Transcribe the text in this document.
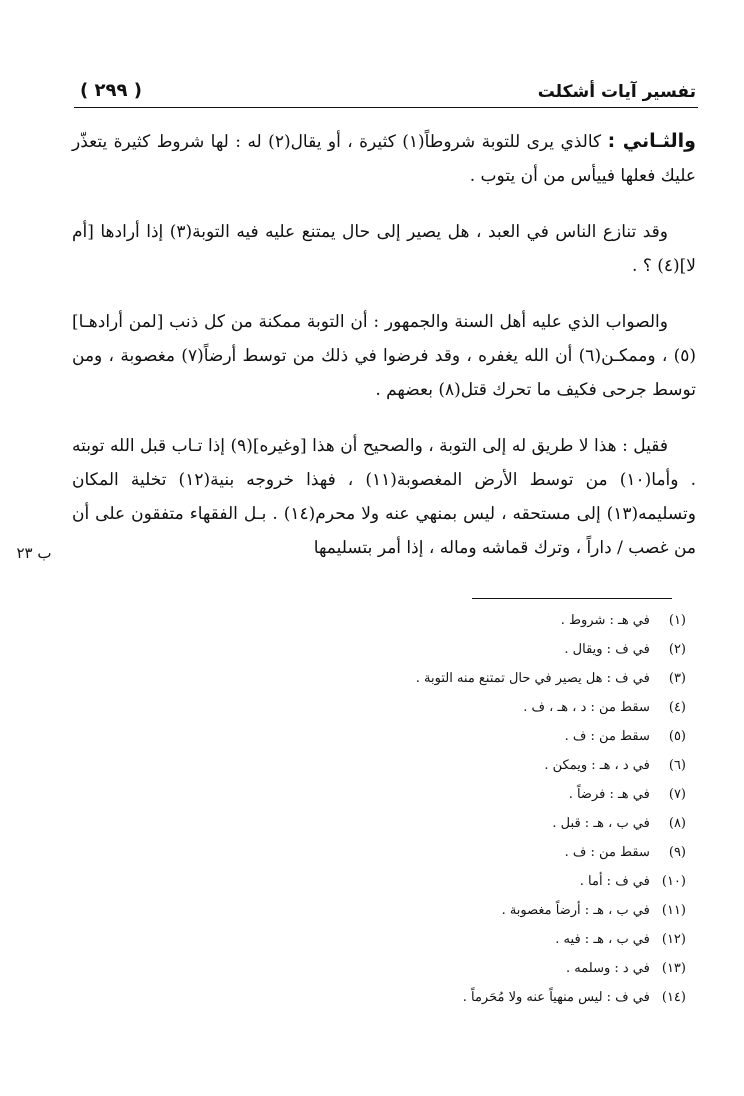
تفسير آيات أشكلت
( ٢٩٩ )
ب ٢٣

والثـاني : كالذي يرى للتوبة شروطاً(١) كثيرة ، أو يقال(٢) له : لها شروط كثيرة يتعذّر عليك فعلها فييأس من أن يتوب .

وقد تنازع الناس في العبد ، هل يصير إلى حال يمتنع عليه فيه التوبة(٣) إذا أرادها [أم لا](٤) ؟ .

والصواب الذي عليه أهل السنة والجمهور : أن التوبة ممكنة من كل ذنب [لمن أرادهـا](٥) ، وممكـن(٦) أن الله يغفره ، وقد فرضوا في ذلك من توسط أرضاً(٧) مغصوبة ، ومن توسط جرحى فكيف ما تحرك قتل(٨) بعضهم .

فقيل : هذا لا طريق له إلى التوبة ، والصحيح أن هذا [وغيره](٩) إذا تـاب قبل الله توبته . وأما(١٠) من توسط الأرض المغصوبة(١١) ، فهذا خروجه بنية(١٢) تخلية المكان وتسليمه(١٣) إلى مستحقه ، ليس بمنهي عنه ولا محرم(١٤) . بـل الفقهاء متفقون على أن من غصب / داراً ، وترك قماشه وماله ، إذا أمر بتسليمها

(١) في هـ : شروط .
(٢) في ف : ويقال .
(٣) في ف : هل يصير في حال تمتنع منه التوبة .
(٤) سقط من : د ، هـ ، ف .
(٥) سقط من : ف .
(٦) في د ، هـ : ويمكن .
(٧) في هـ : فرضاً .
(٨) في ب ، هـ : قبل .
(٩) سقط من : ف .
(١٠) في ف : أما .
(١١) في ب ، هـ : أرضاً مغصوبة .
(١٢) في ب ، هـ : فيه .
(١٣) في د : وسلمه .
(١٤) في ف : ليس منهياً عنه ولا مُحَرماً .
